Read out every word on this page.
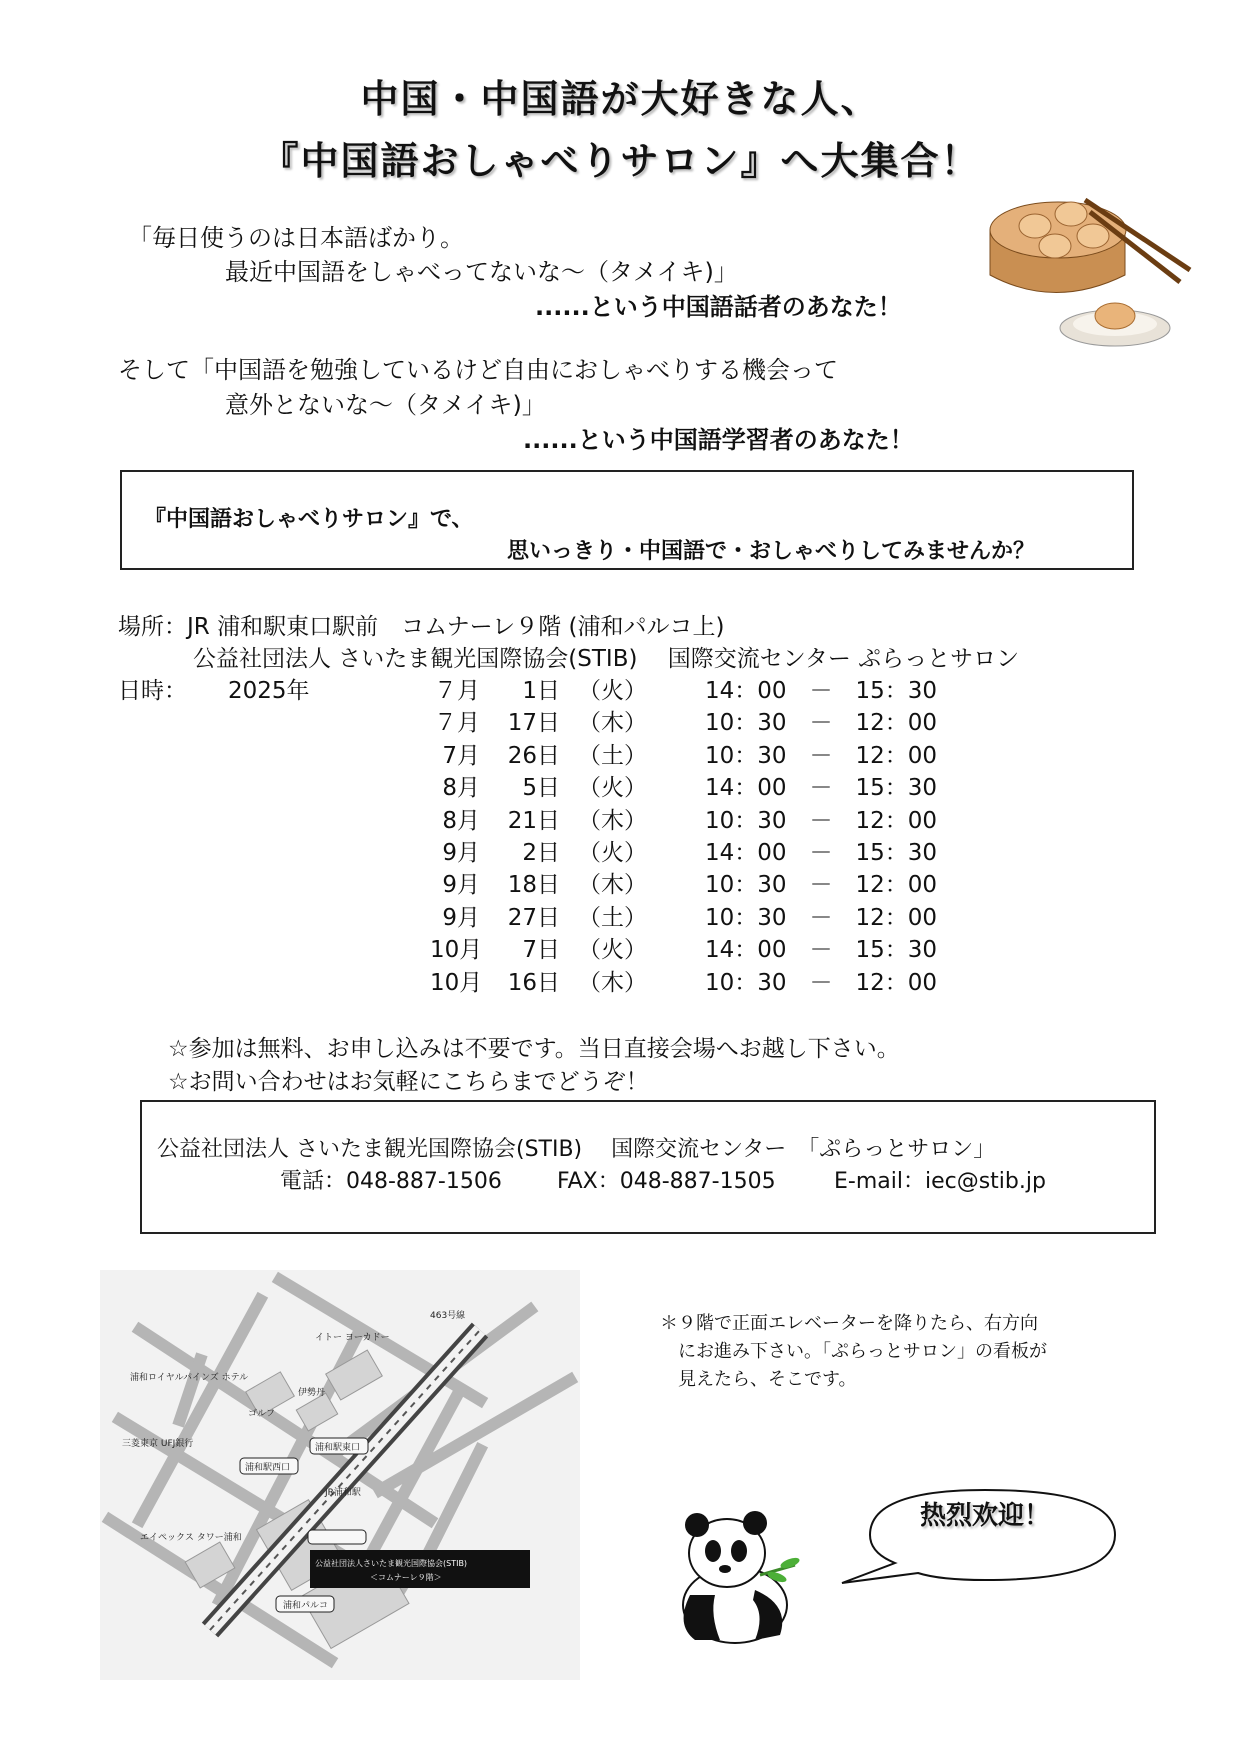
中国・中国語が大好きな人、
『中国語おしゃべりサロン』へ大集合！
「毎日使うのは日本語ばかり。
最近中国語をしゃべってないな～（タメイキ)」
......という中国語話者のあなた！
そして「中国語を勉強しているけど自由におしゃべりする機会って
意外とないな～（タメイキ)」
......という中国語学習者のあなた！
『中国語おしゃべりサロン』で、
思いっきり・中国語で・おしゃべりしてみませんか？
場所：JR 浦和駅東口駅前　コムナーレ９階 (浦和パルコ上)
公益社団法人 さいたま観光国際協会(STIB)　 国際交流センター ぷらっとサロン
日時： 2025年	７月	1日 （火）	14：00　－　15：30
７月	17日 （木）	10：30　－　12：00
7月	26日 （土）	10：30　－　12：00
8月	5日 （火）	14：00　－　15：30
8月	21日 （木）	10：30　－　12：00
9月	2日 （火）	14：00　－　15：30
9月	18日 （木）	10：30　－　12：00
9月	27日 （土）	10：30　－　12：00
10月	7日 （火）	14：00　－　15：30
10月	16日 （木）	10：30　－　12：00
☆参加は無料、お申し込みは不要です。当日直接会場へお越し下さい。
☆お問い合わせはお気軽にこちらまでどうぞ！
公益社団法人 さいたま観光国際協会(STIB)　 国際交流センター　「ぷらっとサロン」
電話：048-887-1506	FAX：048-887-1505	E-mail：iec@stib.jp
463号線
イトー ヨーカドー
浦和ロイヤルパインズ ホテル
ゴルフ
伊勢丹
浦和駅西口
三菱東京 UFJ銀行
JR浦和駅
浦和駅東口
公益社団法人さいたま観光国際協会(STIB)
＜コムナーレ９階＞
エイペックス タワー浦和
浦和パルコ
＊９階で正面エレベーターを降りたら、右方向
にお進み下さい。「ぷらっとサロン」の看板が
見えたら、そこです。
热烈欢迎！
